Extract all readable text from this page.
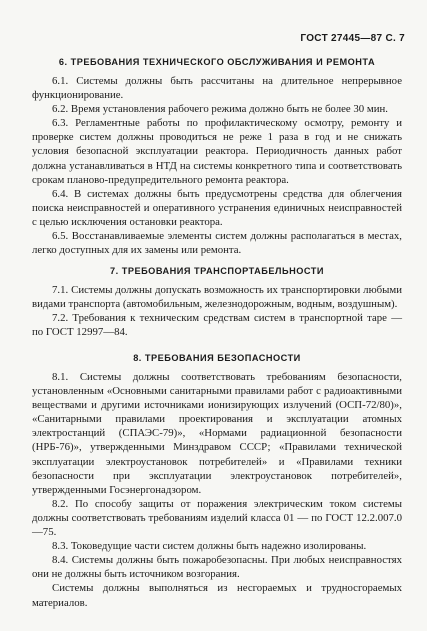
ГОСТ 27445—87 С. 7
6. ТРЕБОВАНИЯ ТЕХНИЧЕСКОГО ОБСЛУЖИВАНИЯ И РЕМОНТА

6.1. Системы должны быть рассчитаны на длительное непрерывное функционирование.

6.2. Время установления рабочего режима должно быть не более 30 мин.

6.3. Регламентные работы по профилактическому осмотру, ремонту и проверке систем должны проводиться не реже 1 раза в год и не снижать условия безопасной эксплуатации реактора. Периодичность данных работ должна устанавливаться в НТД на системы конкретного типа и соответствовать срокам планово-предупредительного ремонта реактора.

6.4. В системах должны быть предусмотрены средства для облегчения поиска неисправностей и оперативного устранения единичных неисправностей с целью исключения остановки реактора.

6.5. Восстанавливаемые элементы систем должны располагаться в местах, легко доступных для их замены или ремонта.

7. ТРЕБОВАНИЯ ТРАНСПОРТАБЕЛЬНОСТИ

7.1. Системы должны допускать возможность их транспортировки любыми видами транспорта (автомобильным, железнодорожным, водным, воздушным).

7.2. Требования к техническим средствам систем в транспортной таре — по ГОСТ 12997—84.

8. ТРЕБОВАНИЯ БЕЗОПАСНОСТИ

8.1. Системы должны соответствовать требованиям безопасности, установленным «Основными санитарными правилами работ с радиоактивными веществами и другими источниками ионизирующих излучений (ОСП-72/80)», «Санитарными правилами проектирования и эксплуатации атомных электростанций (СПАЭС-79)», «Нормами радиационной безопасности (НРБ-76)», утвержденными Минздравом СССР; «Правилами технической эксплуатации электроустановок потребителей» и «Правилами техники безопасности при эксплуатации электроустановок потребителей», утвержденными Госэнергонадзором.

8.2. По способу защиты от поражения электрическим током системы должны соответствовать требованиям изделий класса 01 — по ГОСТ 12.2.007.0—75.

8.3. Токоведущие части систем должны быть надежно изолированы.

8.4. Системы должны быть пожаробезопасны. При любых неисправностях они не должны быть источником возгорания.

Системы должны выполняться из несгораемых и трудносгораемых материалов.
